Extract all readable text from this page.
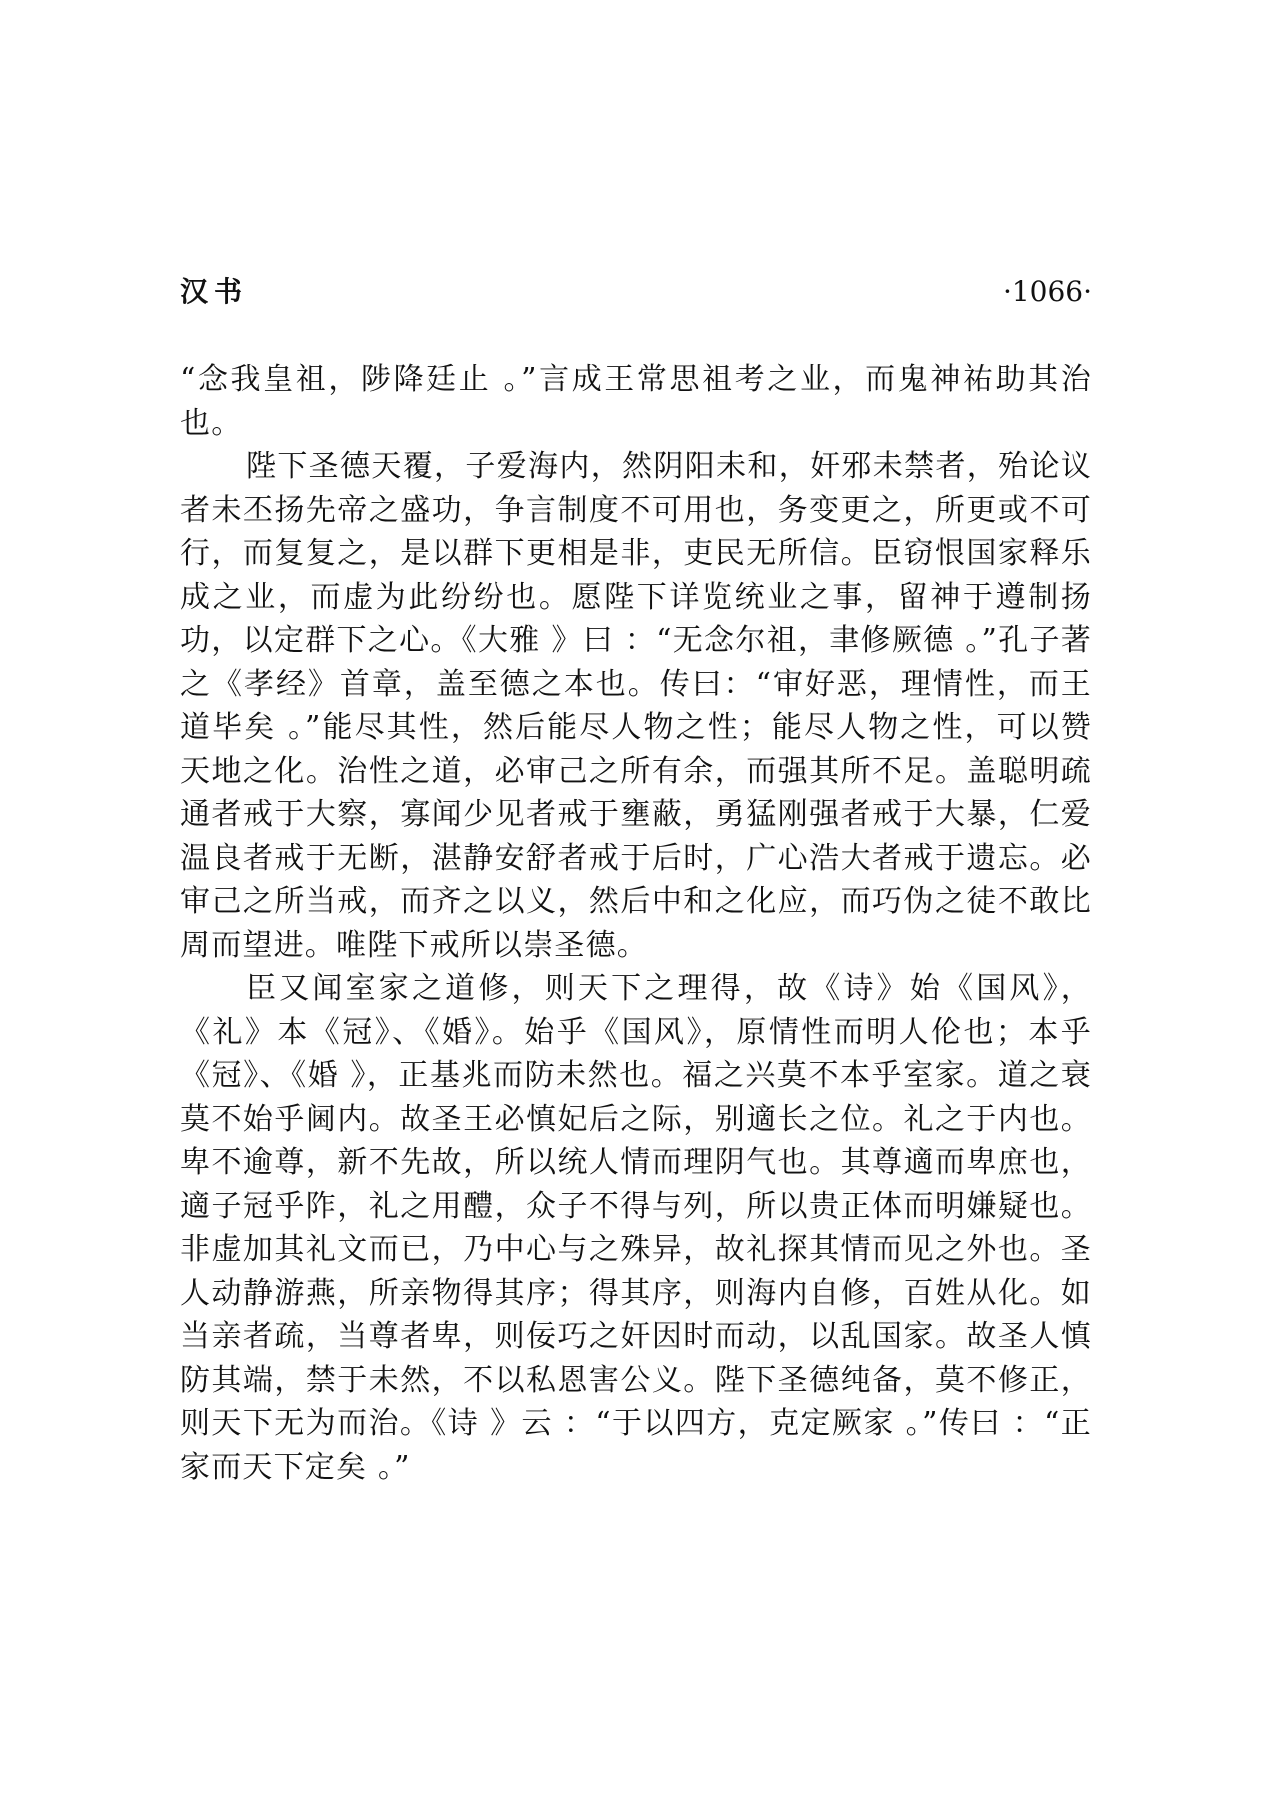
汉书	·1066·

“念我皇祖，陟降廷止 。”言成王常思祖考之业，而鬼神祐助其治也。

陛下圣德天覆，子爱海内，然阴阳未和，奸邪未禁者，殆论议者未丕扬先帝之盛功，争言制度不可用也，务变更之，所更或不可行，而复复之，是以群下更相是非，吏民无所信。臣窃恨国家释乐成之业，而虚为此纷纷也。愿陛下详览统业之事，留神于遵制扬功，以定群下之心。《大雅 》曰 ：“无念尔祖，聿修厥德 。”孔子著之《孝经》首章，盖至德之本也。传曰：“审好恶，理情性，而王道毕矣 。”能尽其性，然后能尽人物之性；能尽人物之性，可以赞天地之化。治性之道，必审己之所有余，而强其所不足。盖聪明疏通者戒于大察，寡闻少见者戒于壅蔽，勇猛刚强者戒于大暴，仁爱温良者戒于无断，湛静安舒者戒于后时，广心浩大者戒于遗忘。必审己之所当戒，而齐之以义，然后中和之化应，而巧伪之徒不敢比周而望进。唯陛下戒所以崇圣德。

臣又闻室家之道修，则天下之理得，故《诗》始《国风》，《礼》本《冠》、《婚》。始乎《国风》，原情性而明人伦也；本乎《冠》、《婚 》，正基兆而防未然也。福之兴莫不本乎室家。道之衰莫不始乎阃内。故圣王必慎妃后之际，别適长之位。礼之于内也。卑不逾尊，新不先故，所以统人情而理阴气也。其尊適而卑庶也，適子冠乎阼，礼之用醴，众子不得与列，所以贵正体而明嫌疑也。非虚加其礼文而已，乃中心与之殊异，故礼探其情而见之外也。圣人动静游燕，所亲物得其序；得其序，则海内自修，百姓从化。如当亲者疏，当尊者卑，则佞巧之奸因时而动，以乱国家。故圣人慎防其端，禁于未然，不以私恩害公义。陛下圣德纯备，莫不修正，则天下无为而治。《诗 》云 ：“于以四方，克定厥家 。”传曰 ：“正家而天下定矣 。”
